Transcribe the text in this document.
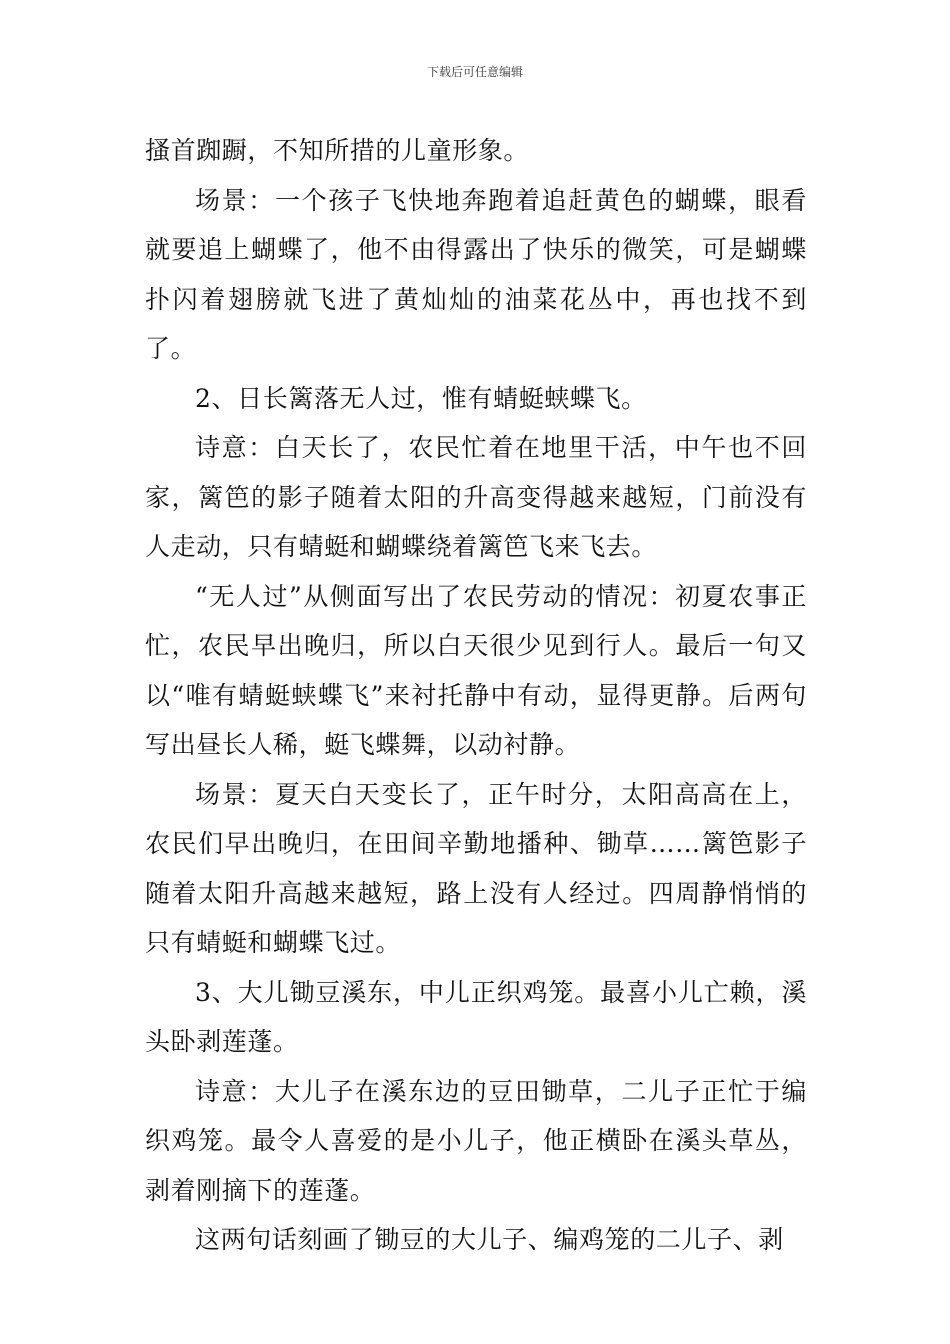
下载后可任意编辑

搔首踟蹰，不知所措的儿童形象。

场景：一个孩子飞快地奔跑着追赶黄色的蝴蝶，眼看就要追上蝴蝶了，他不由得露出了快乐的微笑，可是蝴蝶扑闪着翅膀就飞进了黄灿灿的油菜花丛中，再也找不到了。

2、日长篱落无人过，惟有蜻蜓蛱蝶飞。

诗意：白天长了，农民忙着在地里干活，中午也不回家，篱笆的影子随着太阳的升高变得越来越短，门前没有人走动，只有蜻蜓和蝴蝶绕着篱笆飞来飞去。

“无人过”从侧面写出了农民劳动的情况：初夏农事正忙，农民早出晚归，所以白天很少见到行人。最后一句又以“唯有蜻蜓蛱蝶飞”来衬托静中有动，显得更静。后两句写出昼长人稀，蜓飞蝶舞，以动衬静。

场景：夏天白天变长了，正午时分，太阳高高在上，农民们早出晚归，在田间辛勤地播种、锄草……篱笆影子随着太阳升高越来越短，路上没有人经过。四周静悄悄的只有蜻蜓和蝴蝶飞过。

3、大儿锄豆溪东，中儿正织鸡笼。最喜小儿亡赖，溪头卧剥莲蓬。

诗意：大儿子在溪东边的豆田锄草，二儿子正忙于编织鸡笼。最令人喜爱的是小儿子，他正横卧在溪头草丛，剥着刚摘下的莲蓬。

这两句话刻画了锄豆的大儿子、编鸡笼的二儿子、剥
